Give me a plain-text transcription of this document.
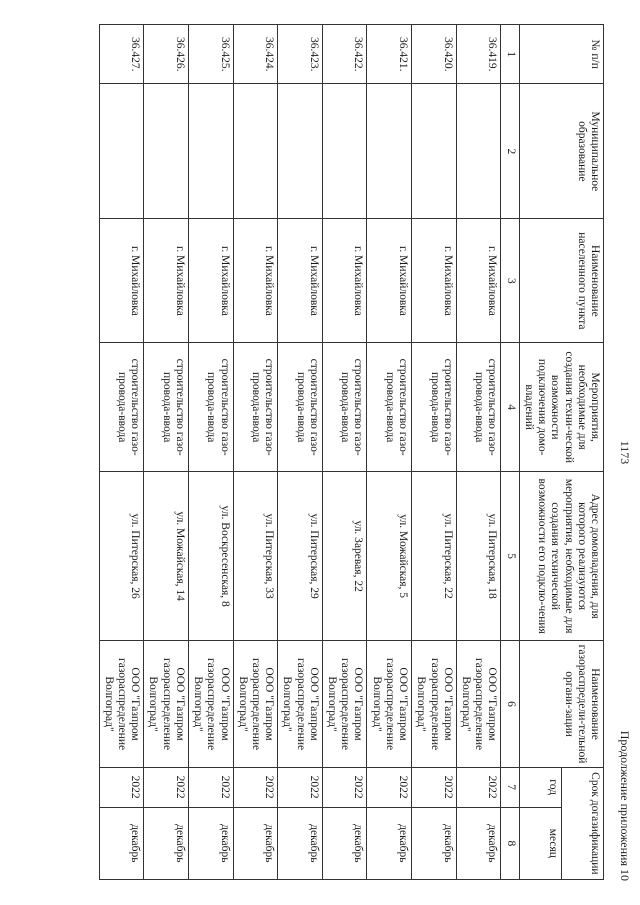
1173
Продолжение приложения 10
№ п/п	Муниципальное образование	Наименование населенного пункта	Мероприятия, необходимые для создания техни-ческой возможности подключения домо-владений	Адрес домовладения, для которого реализуются мероприятия, необходимые для создания технической возможности его подклю-чения	Наименование газораспредели-тельной органи-зации	Срок догазификации	
						год	месяц
1	2	3	4	5	6	7	8
36.419.		г. Михайловка	строительство газо-провода-ввода	ул. Питерская, 18	ООО "Газпром газораспределение Волгоград"	2022	декабрь
36.420.		г. Михайловка	строительство газо-провода-ввода	ул. Питерская, 22	ООО "Газпром газораспределение Волгоград"	2022	декабрь
36.421.		г. Михайловка	строительство газо-провода-ввода	ул. Можайская, 5	ООО "Газпром газораспределение Волгоград"	2022	декабрь
36.422.		г. Михайловка	строительство газо-провода-ввода	ул. Заревая, 22	ООО "Газпром газораспределение Волгоград"	2022	декабрь
36.423.		г. Михайловка	строительство газо-провода-ввода	ул. Питерская, 29	ООО "Газпром газораспределение Волгоград"	2022	декабрь
36.424.		г. Михайловка	строительство газо-провода-ввода	ул. Питерская, 33	ООО "Газпром газораспределение Волгоград"	2022	декабрь
36.425.		г. Михайловка	строительство газо-провода-ввода	ул. Воскресенская, 8	ООО "Газпром газораспределение Волгоград"	2022	декабрь
36.426.		г. Михайловка	строительство газо-провода-ввода	ул. Можайская, 14	ООО "Газпром газораспределение Волгоград"	2022	декабрь
36.427.		г. Михайловка	строительство газо-провода-ввода	ул. Питерская, 26	ООО "Газпром газораспределение Волгоград"	2022	декабрь
